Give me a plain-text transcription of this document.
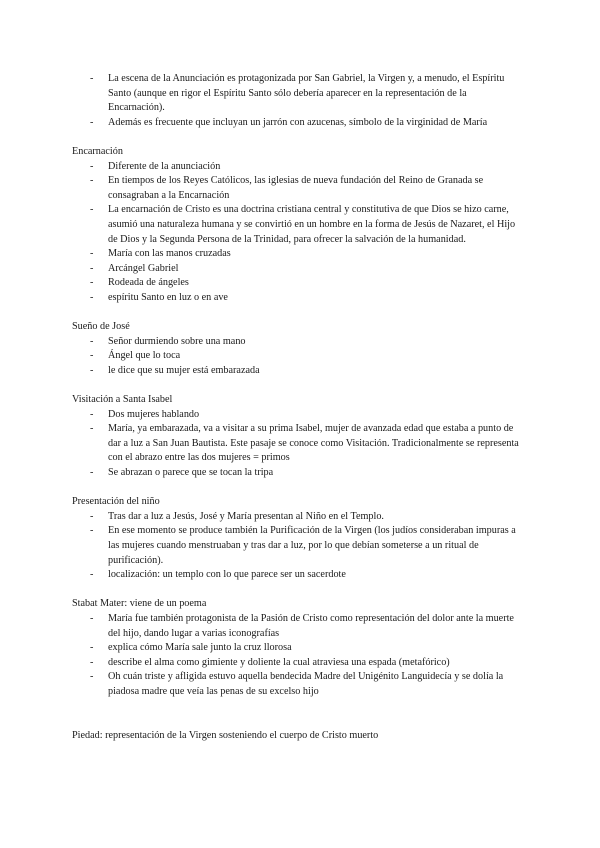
- La escena de la Anunciación es protagonizada por San Gabriel, la Virgen y, a menudo, el Espíritu Santo (aunque en rigor el Espíritu Santo sólo debería aparecer en la representación de la Encarnación).
- Además es frecuente que incluyan un jarrón con azucenas, símbolo de la virginidad de María
Encarnación
- Diferente de la anunciación
- En tiempos de los Reyes Católicos, las iglesias de nueva fundación del Reino de Granada se consagraban a la Encarnación
- La encarnación de Cristo es una doctrina cristiana central y constitutiva de que Dios se hizo carne, asumió una naturaleza humana y se convirtió en un hombre en la forma de Jesús de Nazaret, el Hijo de Dios y la Segunda Persona de la Trinidad, para ofrecer la salvación de la humanidad.
- María con las manos cruzadas
- Arcángel Gabriel
- Rodeada de ángeles
- espíritu Santo en luz o en ave
Sueño de José
- Señor durmiendo sobre una mano
- Ángel que lo toca
- le dice que su mujer está embarazada
Visitación a Santa Isabel
- Dos mujeres hablando
- María, ya embarazada, va a visitar a su prima Isabel, mujer de avanzada edad que estaba a punto de dar a luz a San Juan Bautista. Este pasaje se conoce como Visitación. Tradicionalmente se representa con el abrazo entre las dos mujeres = primos
- Se abrazan o parece que se tocan la tripa
Presentación del niño
- Tras dar a luz a Jesús, José y María presentan al Niño en el Templo.
- En ese momento se produce también la Purificación de la Virgen (los judíos consideraban impuras a las mujeres cuando menstruaban y tras dar a luz, por lo que debían someterse a un ritual de purificación).
- localización: un templo con lo que parece ser un sacerdote
Stabat Mater: viene de un poema
- María fue también protagonista de la Pasión de Cristo como representación del dolor ante la muerte del hijo, dando lugar a varias iconografías
- explica cómo María sale junto la cruz llorosa
- describe el alma como gimiente y doliente la cual atraviesa una espada (metafórico)
- Oh cuán triste y afligida estuvo aquella bendecida Madre del Unigénito Languidecía y se dolía la piadosa madre que veía las penas de su excelso hijo
Piedad: representación de la Virgen sosteniendo el cuerpo de Cristo muerto
